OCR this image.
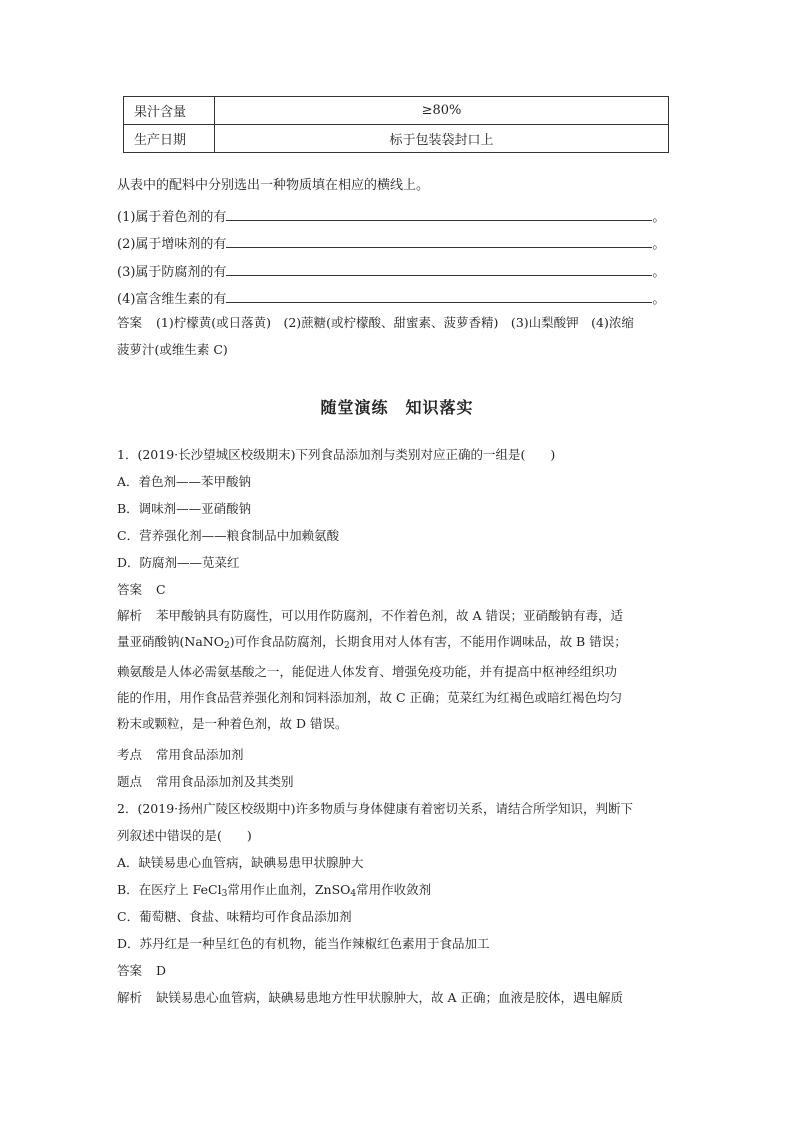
果汁含量	≥80%
生产日期	标于包装袋封口上
从表中的配料中分别选出一种物质填在相应的横线上。
(1)属于着色剂的有	。
(2)属于增味剂的有	。
(3)属于防腐剂的有	。
(4)富含维生素的有	。
答案 (1)柠檬黄(或日落黄)　(2)蔗糖(或柠檬酸、甜蜜素、菠萝香精)　(3)山梨酸钾　(4)浓缩
菠萝汁(或维生素 C)
随堂演练　知识落实
1．(2019·长沙望城区校级期末)下列食品添加剂与类别对应正确的一组是(　　)
A．着色剂——苯甲酸钠
B．调味剂——亚硝酸钠
C．营养强化剂——粮食制品中加赖氨酸
D．防腐剂——苋菜红
答案 C
解析 苯甲酸钠具有防腐性，可以用作防腐剂，不作着色剂，故 A 错误；亚硝酸钠有毒，适
量亚硝酸钠(NaNO$_2$)可作食品防腐剂，长期食用对人体有害，不能用作调味品，故 B 错误；
赖氨酸是人体必需氨基酸之一，能促进人体发育、增强免疫功能，并有提高中枢神经组织功
能的作用，用作食品营养强化剂和饲料添加剂，故 C 正确；苋菜红为红褐色或暗红褐色均匀
粉末或颗粒，是一种着色剂，故 D 错误。
考点 常用食品添加剂
题点 常用食品添加剂及其类别
2．(2019·扬州广陵区校级期中)许多物质与身体健康有着密切关系，请结合所学知识，判断下
列叙述中错误的是(　　)
A．缺镁易患心血管病，缺碘易患甲状腺肿大
B．在医疗上 FeCl$_3$常用作止血剂，ZnSO$_4$常用作收敛剂
C．葡萄糖、食盐、味精均可作食品添加剂
D．苏丹红是一种呈红色的有机物，能当作辣椒红色素用于食品加工
答案 D
解析 缺镁易患心血管病，缺碘易患地方性甲状腺肿大，故 A 正确；血液是胶体，遇电解质
